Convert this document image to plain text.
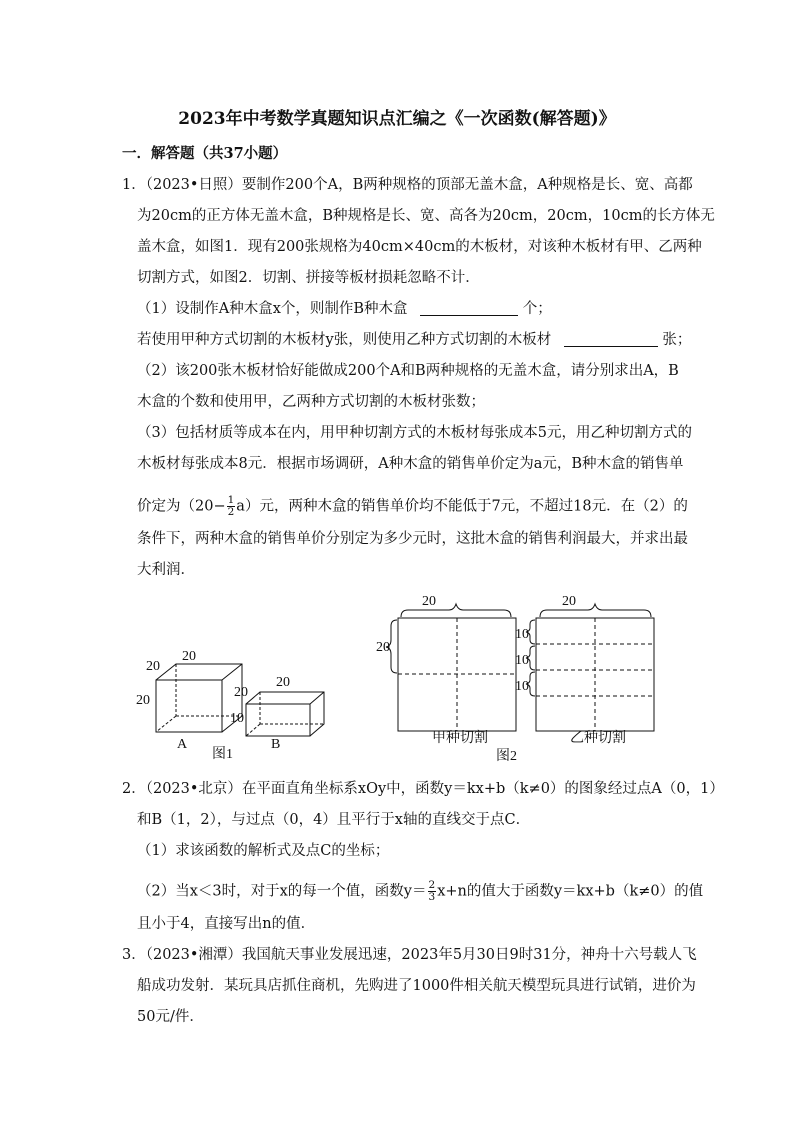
2023年中考数学真题知识点汇编之《一次函数(解答题)》
一．解答题（共37小题）
1．（2023•日照）要制作200个A，B两种规格的顶部无盖木盒，A种规格是长、宽、高都
为20cm的正方体无盖木盒，B种规格是长、宽、高各为20cm，20cm，10cm的长方体无
盖木盒，如图1．现有200张规格为40cm×40cm的木板材，对该种木板材有甲、乙两种
切割方式，如图2．切割、拼接等板材损耗忽略不计．
（1）设制作A种木盒x个，则制作B种木盒	个；
若使用甲种方式切割的木板材y张，则使用乙种方式切割的木板材	张；
（2）该200张木板材恰好能做成200个A和B两种规格的无盖木盒，请分别求出A，B
木盒的个数和使用甲，乙两种方式切割的木板材张数；
（3）包括材质等成本在内，用甲种切割方式的木板材每张成本5元，用乙种切割方式的
木板材每张成本8元．根据市场调研，A种木盒的销售单价定为a元，B种木盒的销售单
价定为$(20- \frac{1}{2} a)$元，两种木盒的销售单价均不能低于7元，不超过18元．在（2）的
条件下，两种木盒的销售单价分别定为多少元时，这批木盒的销售利润最大，并求出最
大利润．
20
20
20
20
20
10
A	B
图1
20
20
20
10
10
10
甲种切割	乙种切割
图2
2．（2023•北京）在平面直角坐标系xOy中，函数y＝kx+b（k≠0）的图象经过点A（0，1）
和B（1，2），与过点（0，4）且平行于x轴的直线交于点C．
（1）求该函数的解析式及点C的坐标；
（2）当x＜3时，对于x的每一个值，函数$y= \frac{2}{3} x+n$的值大于函数y＝kx+b（k≠0）的值
且小于4，直接写出n的值．
3．（2023•湘潭）我国航天事业发展迅速，2023年5月30日9时31分，神舟十六号载人飞
船成功发射．某玩具店抓住商机，先购进了1000件相关航天模型玩具进行试销，进价为
50元/件．
